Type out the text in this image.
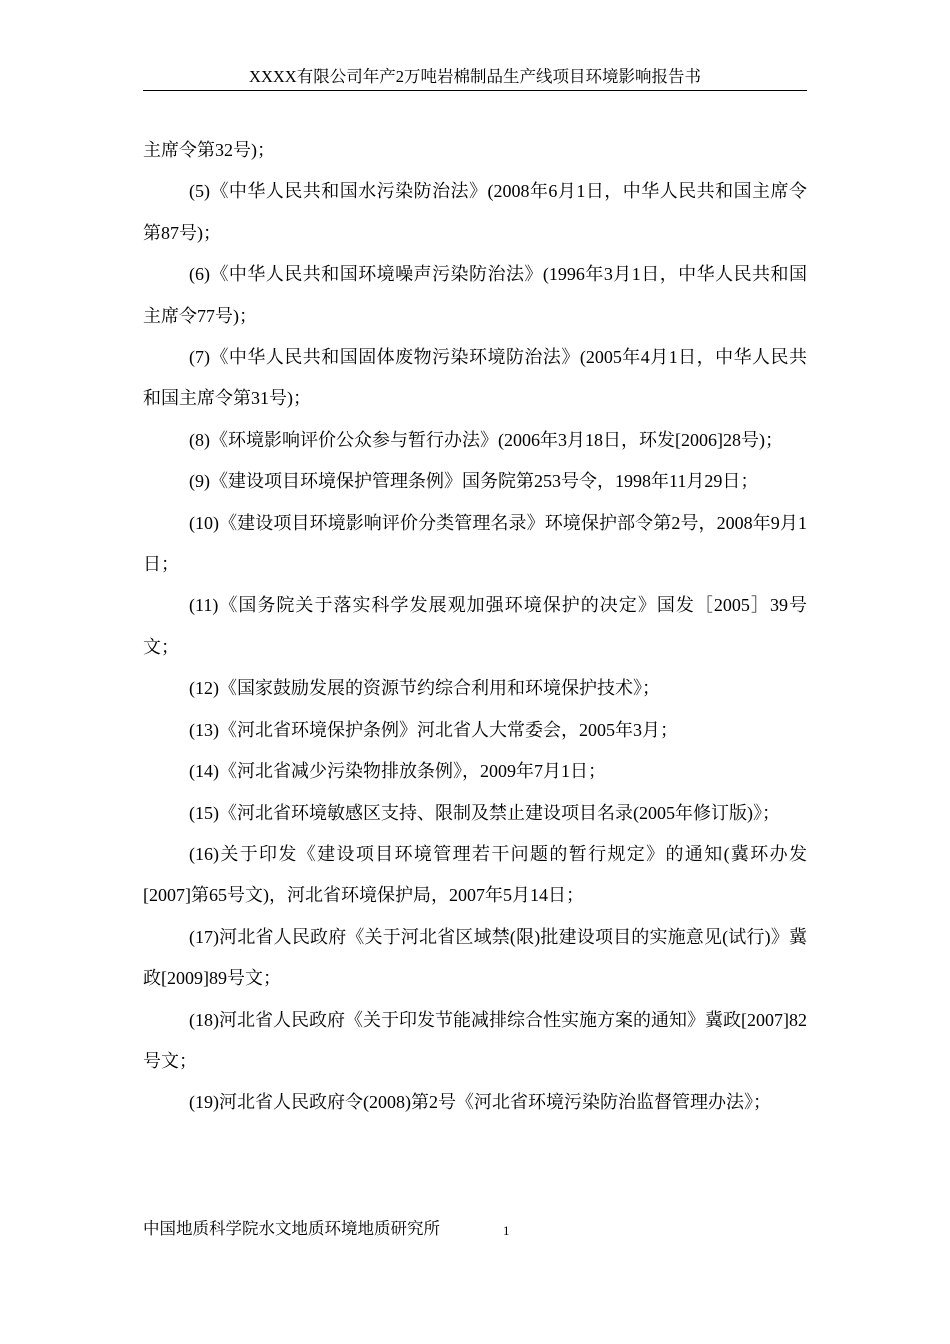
XXXX有限公司年产2万吨岩棉制品生产线项目环境影响报告书

主席令第32号)；

(5)《中华人民共和国水污染防治法》(2008年6月1日，中华人民共和国主席令第87号)；

(6)《中华人民共和国环境噪声污染防治法》(1996年3月1日，中华人民共和国主席令77号)；

(7)《中华人民共和国固体废物污染环境防治法》(2005年4月1日，中华人民共和国主席令第31号)；

(8)《环境影响评价公众参与暂行办法》(2006年3月18日，环发[2006]28号)；

(9)《建设项目环境保护管理条例》国务院第253号令，1998年11月29日；

(10)《建设项目环境影响评价分类管理名录》环境保护部令第2号，2008年9月1日；

(11)《国务院关于落实科学发展观加强环境保护的决定》国发［2005］39号文；

(12)《国家鼓励发展的资源节约综合利用和环境保护技术》；

(13)《河北省环境保护条例》河北省人大常委会，2005年3月；

(14)《河北省减少污染物排放条例》，2009年7月1日；

(15)《河北省环境敏感区支持、限制及禁止建设项目名录(2005年修订版)》；

(16)关于印发《建设项目环境管理若干问题的暂行规定》的通知(冀环办发[2007]第65号文)，河北省环境保护局，2007年5月14日；

(17)河北省人民政府《关于河北省区域禁(限)批建设项目的实施意见(试行)》冀政[2009]89号文；

(18)河北省人民政府《关于印发节能减排综合性实施方案的通知》冀政[2007]82号文；

(19)河北省人民政府令(2008)第2号《河北省环境污染防治监督管理办法》；

中国地质科学院水文地质环境地质研究所	1
